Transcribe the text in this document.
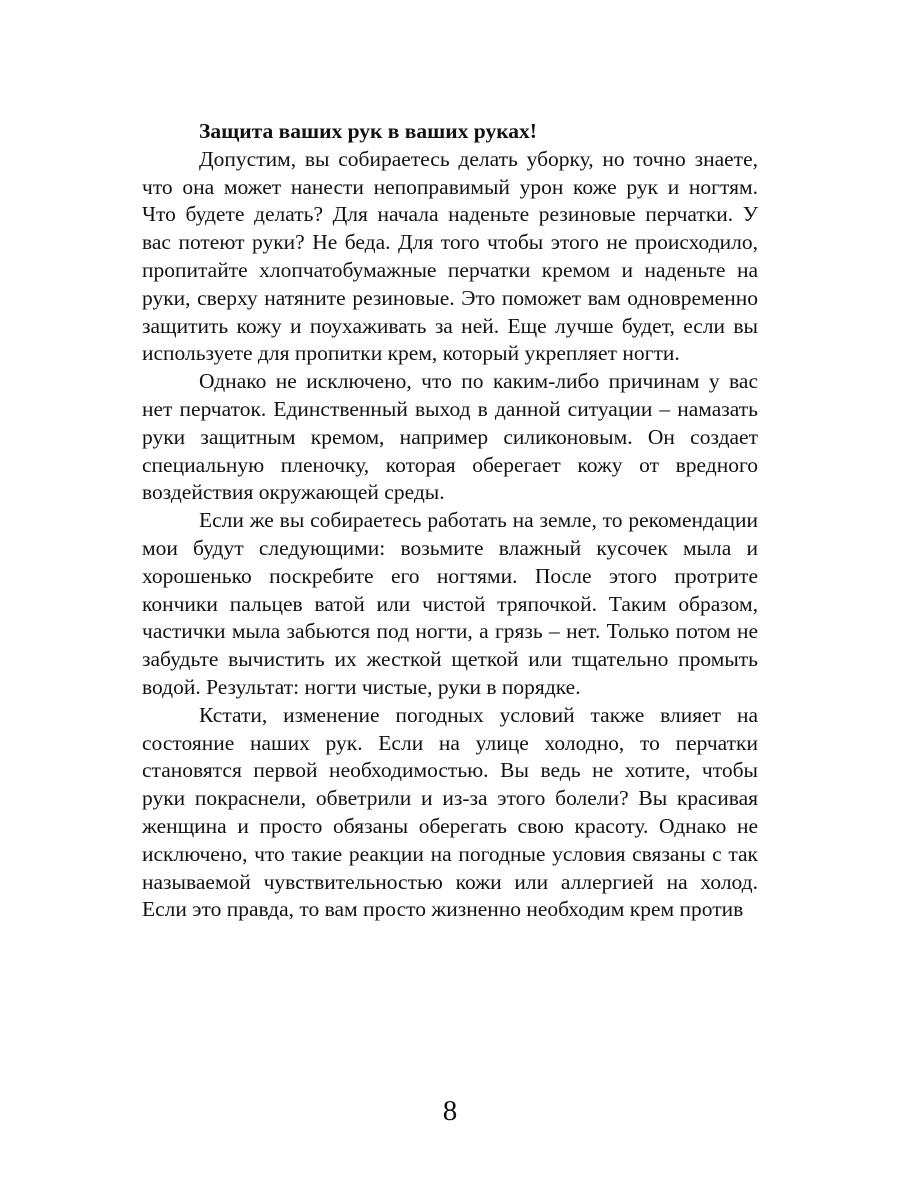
Защита ваших рук в ваших руках!

Допустим, вы собираетесь делать уборку, но точно знаете, что она может нанести непоправимый урон коже рук и ногтям. Что будете делать? Для начала наденьте резиновые перчатки. У вас потеют руки? Не беда. Для того чтобы этого не происходило, пропитайте хлопчатобумажные перчатки кремом и наденьте на руки, сверху натяните резиновые. Это поможет вам одновременно защитить кожу и поухаживать за ней. Еще лучше будет, если вы используете для пропитки крем, который укрепляет ногти.

Однако не исключено, что по каким-либо причинам у вас нет перчаток. Единственный выход в данной ситуации – намазать руки защитным кремом, например силиконовым. Он создает специальную пленочку, которая оберегает кожу от вредного воздействия окружающей среды.

Если же вы собираетесь работать на земле, то рекомендации мои будут следующими: возьмите влажный кусочек мыла и хорошенько поскребите его ногтями. После этого протрите кончики пальцев ватой или чистой тряпочкой. Таким образом, частички мыла забьются под ногти, а грязь – нет. Только потом не забудьте вычистить их жесткой щеткой или тщательно промыть водой. Результат: ногти чистые, руки в порядке.

Кстати, изменение погодных условий также влияет на состояние наших рук. Если на улице холодно, то перчатки становятся первой необходимостью. Вы ведь не хотите, чтобы руки покраснели, обветрили и из-за этого болели? Вы красивая женщина и просто обязаны оберегать свою красоту. Однако не исключено, что такие реакции на погодные условия связаны с так называемой чувствительностью кожи или аллергией на холод. Если это правда, то вам просто жизненно необходим крем против

8
